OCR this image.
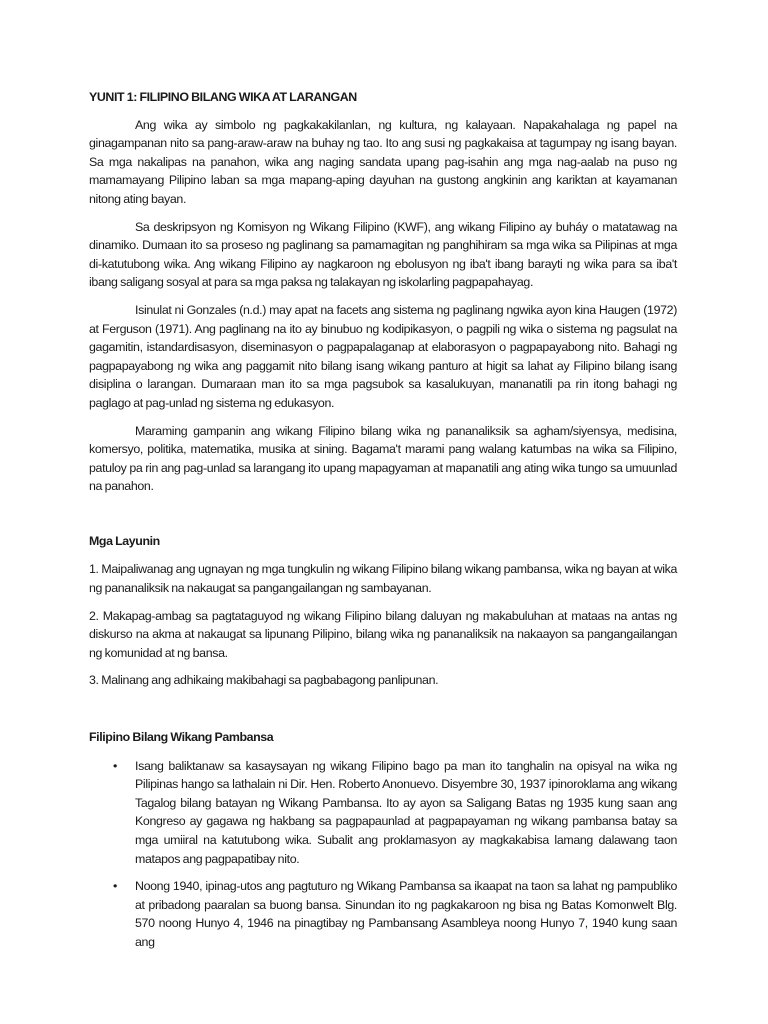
YUNIT 1: FILIPINO BILANG WIKA AT LARANGAN

Ang wika ay simbolo ng pagkakakilanlan, ng kultura, ng kalayaan. Napakahalaga ng papel na ginagampanan nito sa pang-araw-araw na buhay ng tao. Ito ang susi ng pagkakaisa at tagumpay ng isang bayan. Sa mga nakalipas na panahon, wika ang naging sandata upang pag-isahin ang mga nag-aalab na puso ng mamamayang Pilipino laban sa mga mapang-aping dayuhan na gustong angkinin ang kariktan at kayamanan nitong ating bayan.

Sa deskripsyon ng Komisyon ng Wikang Filipino (KWF), ang wikang Filipino ay buháy o matatawag na dinamiko. Dumaan ito sa proseso ng paglinang sa pamamagitan ng panghihiram sa mga wika sa Pilipinas at mga di-katutubong wika. Ang wikang Filipino ay nagkaroon ng ebolusyon ng iba't ibang barayti ng wika para sa iba't ibang saligang sosyal at para sa mga paksa ng talakayan ng iskolarling pagpapahayag.

Isinulat ni Gonzales (n.d.) may apat na facets ang sistema ng paglinang ngwika ayon kina Haugen (1972) at Ferguson (1971). Ang paglinang na ito ay binubuo ng kodipikasyon, o pagpili ng wika o sistema ng pagsulat na gagamitin, istandardisasyon, diseminasyon o pagpapalaganap at elaborasyon o pagpapayabong nito. Bahagi ng pagpapayabong ng wika ang paggamit nito bilang isang wikang panturo at higit sa lahat ay Filipino bilang isang disiplina o larangan. Dumaraan man ito sa mga pagsubok sa kasalukuyan, mananatili pa rin itong bahagi ng paglago at pag-unlad ng sistema ng edukasyon.

Maraming gampanin ang wikang Filipino bilang wika ng pananaliksik sa agham/siyensya, medisina, komersyo, politika, matematika, musika at sining. Bagama't marami pang walang katumbas na wika sa Filipino, patuloy pa rin ang pag-unlad sa larangang ito upang mapagyaman at mapanatili ang ating wika tungo sa umuunlad na panahon.

Mga Layunin

1. Maipaliwanag ang ugnayan ng mga tungkulin ng wikang Filipino bilang wikang pambansa, wika ng bayan at wika ng pananaliksik na nakaugat sa pangangailangan ng sambayanan.

2. Makapag-ambag sa pagtataguyod ng wikang Filipino bilang daluyan ng makabuluhan at mataas na antas ng diskurso na akma at nakaugat sa lipunang Pilipino, bilang wika ng pananaliksik na nakaayon sa pangangailangan ng komunidad at ng bansa.

3. Malinang ang adhikaing makibahagi sa pagbabagong panlipunan.

Filipino Bilang Wikang Pambansa
• Isang baliktanaw sa kasaysayan ng wikang Filipino bago pa man ito tanghalin na opisyal na wika ng Pilipinas hango sa lathalain ni Dir. Hen. Roberto Anonuevo. Disyembre 30, 1937 ipinoroklama ang wikang Tagalog bilang batayan ng Wikang Pambansa. Ito ay ayon sa Saligang Batas ng 1935 kung saan ang Kongreso ay gagawa ng hakbang sa pagpapaunlad at pagpapayaman ng wikang pambansa batay sa mga umiiral na katutubong wika. Subalit ang proklamasyon ay magkakabisa lamang dalawang taon matapos ang pagpapatibay nito.
• Noong 1940, ipinag-utos ang pagtuturo ng Wikang Pambansa sa ikaapat na taon sa lahat ng pampubliko at pribadong paaralan sa buong bansa. Sinundan ito ng pagkakaroon ng bisa ng Batas Komonwelt Blg. 570 noong Hunyo 4, 1946 na pinagtibay ng Pambansang Asambleya noong Hunyo 7, 1940 kung saan ang
